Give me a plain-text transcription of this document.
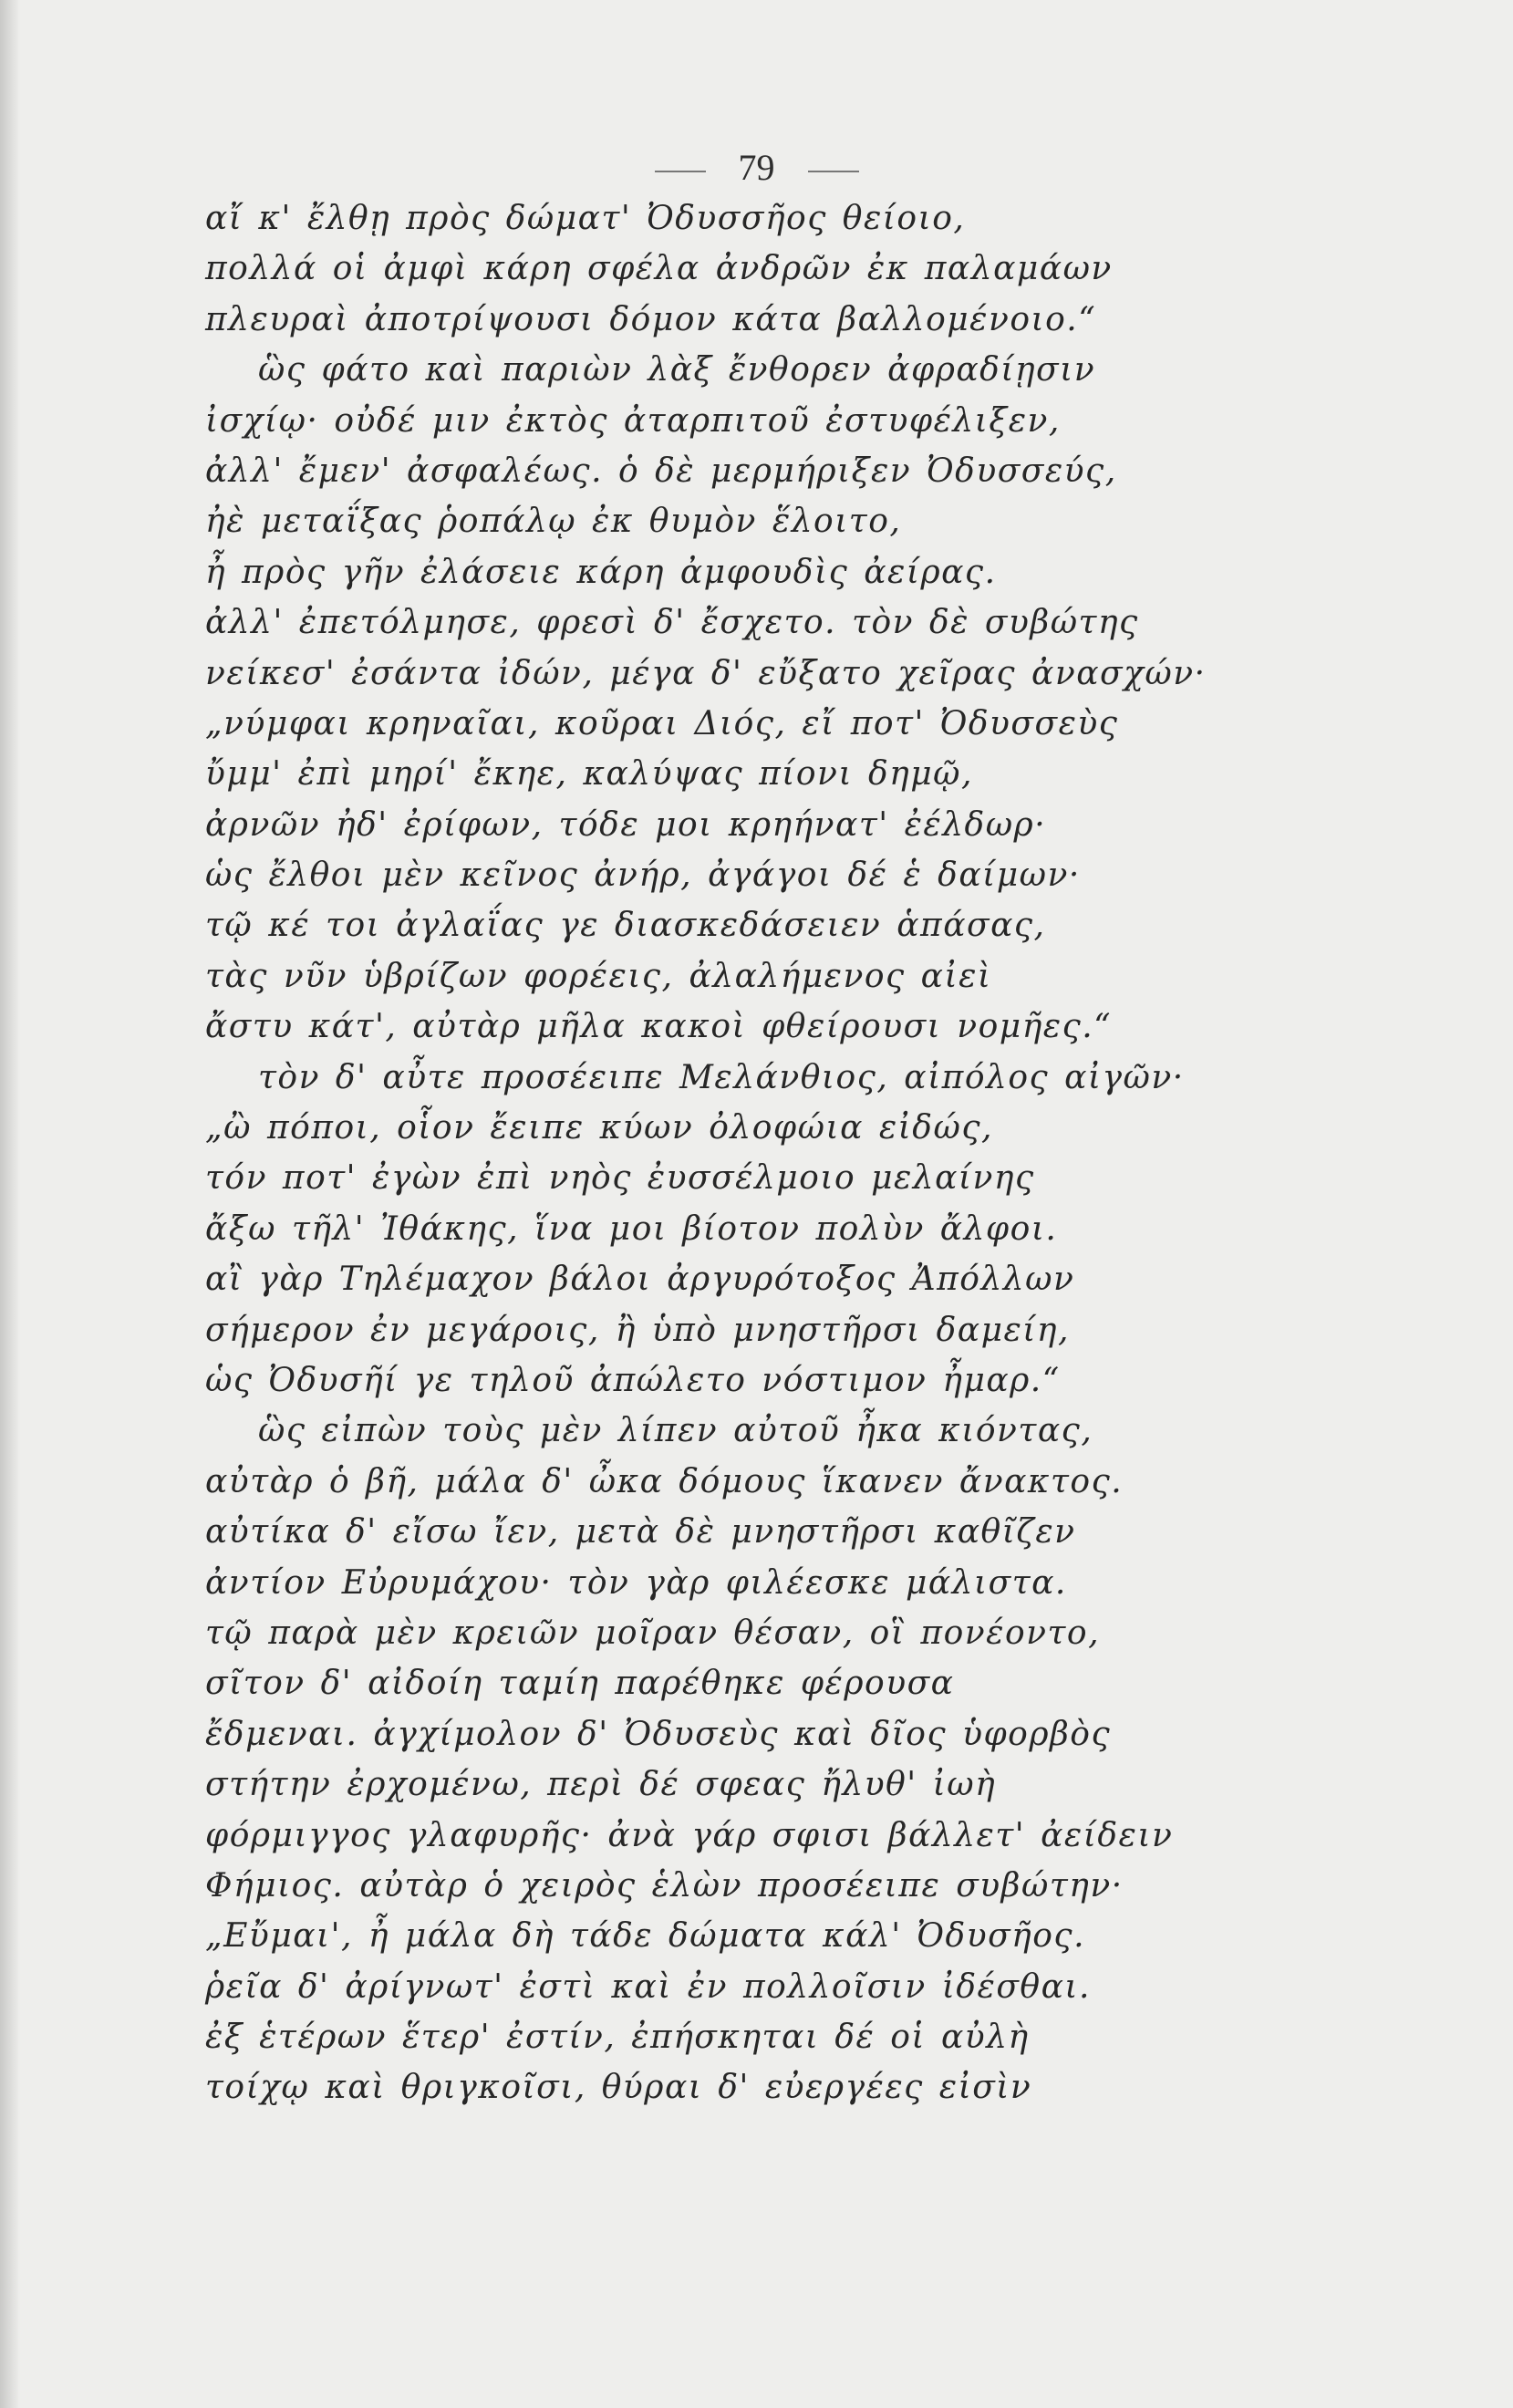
79
αἴ κ' ἔλθῃ πρὸς δώματ' Ὀδυσσῆος θείοιο,
πολλά οἱ ἀμφὶ κάρη σφέλα ἀνδρῶν ἐκ παλαμάων
πλευραὶ ἀποτρίψουσι δόμον κάτα βαλλομένοιο.“
ὣς φάτο καὶ παριὼν λὰξ ἔνθορεν ἀφραδίῃσιν
ἰσχίῳ· οὐδέ μιν ἐκτὸς ἀταρπιτοῦ ἐστυφέλιξεν,
ἀλλ' ἔμεν' ἀσφαλέως. ὁ δὲ μερμήριξεν Ὀδυσσεύς,
ἠὲ μεταΐξας ῥοπάλῳ ἐκ θυμὸν ἕλοιτο,
ἦ πρὸς γῆν ἐλάσειε κάρη ἀμφουδὶς ἀείρας.
ἀλλ' ἐπετόλμησε, φρεσὶ δ' ἔσχετο. τὸν δὲ συβώτης
νείκεσ' ἐσάντα ἰδών, μέγα δ' εὔξατο χεῖρας ἀνασχών·
„νύμφαι κρηναῖαι, κοῦραι Διός, εἴ ποτ' Ὀδυσσεὺς
ὔμμ' ἐπὶ μηρί' ἔκηε, καλύψας πίονι δημῷ,
ἀρνῶν ἠδ' ἐρίφων, τόδε μοι κρηήνατ' ἐέλδωρ·
ὡς ἔλθοι μὲν κεῖνος ἀνήρ, ἀγάγοι δέ ἑ δαίμων·
τῷ κέ τοι ἀγλαΐας γε διασκεδάσειεν ἁπάσας,
τὰς νῦν ὑβρίζων φορέεις, ἀλαλήμενος αἰεὶ
ἄστυ κάτ', αὐτὰρ μῆλα κακοὶ φθείρουσι νομῆες.“
τὸν δ' αὖτε προσέειπε Μελάνθιος, αἰπόλος αἰγῶν·
„ὢ πόποι, οἷον ἔειπε κύων ὀλοφώια εἰδώς,
τόν ποτ' ἐγὼν ἐπὶ νηὸς ἐυσσέλμοιο μελαίνης
ἄξω τῆλ' Ἰθάκης, ἵνα μοι βίοτον πολὺν ἄλφοι.
αἲ γὰρ Τηλέμαχον βάλοι ἀργυρότοξος Ἀπόλλων
σήμερον ἐν μεγάροις, ἢ ὑπὸ μνηστῆρσι δαμείη,
ὡς Ὀδυσῆί γε τηλοῦ ἀπώλετο νόστιμον ἦμαρ.“
ὣς εἰπὼν τοὺς μὲν λίπεν αὐτοῦ ἦκα κιόντας,
αὐτὰρ ὁ βῆ, μάλα δ' ὦκα δόμους ἵκανεν ἄνακτος.
αὐτίκα δ' εἴσω ἴεν, μετὰ δὲ μνηστῆρσι καθῖζεν
ἀντίον Εὐρυμάχου· τὸν γὰρ φιλέεσκε μάλιστα.
τῷ παρὰ μὲν κρειῶν μοῖραν θέσαν, οἳ πονέοντο,
σῖτον δ' αἰδοίη ταμίη παρέθηκε φέρουσα
ἔδμεναι. ἀγχίμολον δ' Ὀδυσεὺς καὶ δῖος ὑφορβὸς
στήτην ἐρχομένω, περὶ δέ σφεας ἤλυθ' ἰωὴ
φόρμιγγος γλαφυρῆς· ἀνὰ γάρ σφισι βάλλετ' ἀείδειν
Φήμιος. αὐτὰρ ὁ χειρὸς ἑλὼν προσέειπε συβώτην·
„Εὔμαι', ἦ μάλα δὴ τάδε δώματα κάλ' Ὀδυσῆος.
ῥεῖα δ' ἀρίγνωτ' ἐστὶ καὶ ἐν πολλοῖσιν ἰδέσθαι.
ἐξ ἑτέρων ἕτερ' ἐστίν, ἐπήσκηται δέ οἱ αὐλὴ
τοίχῳ καὶ θριγκοῖσι, θύραι δ' εὐεργέες εἰσὶν
